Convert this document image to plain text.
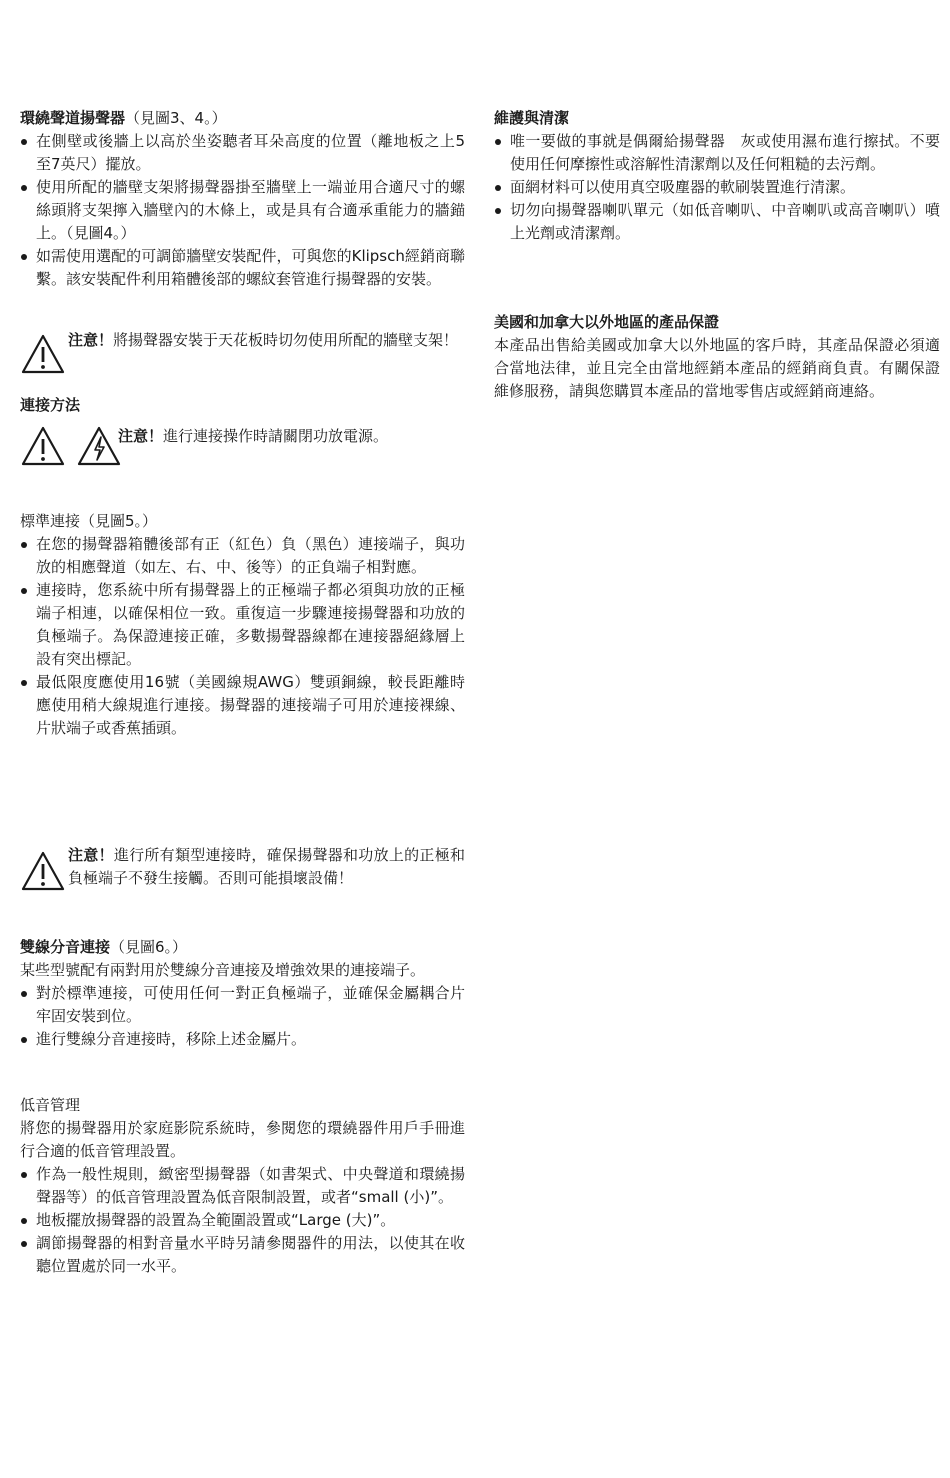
環繞聲道揚聲器（見圖3、4。）

在側壁或後牆上以高於坐姿聽者耳朵高度的位置（離地板之上5至7英尺）擺放。
使用所配的牆壁支架將揚聲器掛至牆壁上一端並用合適尺寸的螺絲頭將支架擰入牆壁內的木條上，或是具有合適承重能力的牆錨上。（見圖4。）
如需使用選配的可調節牆壁安裝配件，可與您的Klipsch經銷商聯繫。該安裝配件利用箱體後部的螺紋套管進行揚聲器的安裝。
注意！將揚聲器安裝于天花板時切勿使用所配的牆壁支架！

連接方法

注意！進行連接操作時請關閉功放電源。

標準連接（見圖5。）

在您的揚聲器箱體後部有正（紅色）負（黑色）連接端子，與功放的相應聲道（如左、右、中、後等）的正負端子相對應。
連接時，您系統中所有揚聲器上的正極端子都必須與功放的正極端子相連，以確保相位一致。重復這一步驟連接揚聲器和功放的負極端子。為保證連接正確，多數揚聲器線都在連接器絕緣層上設有突出標記。
最低限度應使用16號（美國線規AWG）雙頭銅線，較長距離時應使用稍大線規進行連接。揚聲器的連接端子可用於連接裸線、片狀端子或香蕉插頭。
注意！進行所有類型連接時，確保揚聲器和功放上的正極和負極端子不發生接觸。否則可能損壞設備！

雙線分音連接（見圖6。）

某些型號配有兩對用於雙線分音連接及增強效果的連接端子。

對於標準連接，可使用任何一對正負極端子，並確保金屬耦合片牢固安裝到位。
進行雙線分音連接時，移除上述金屬片。

低音管理

將您的揚聲器用於家庭影院系統時，參閱您的環繞器件用戶手冊進行合適的低音管理設置。

作為一般性規則，緻密型揚聲器（如書架式、中央聲道和環繞揚聲器等）的低音管理設置為低音限制設置，或者“small (小)”。
地板擺放揚聲器的設置為全範圍設置或“Large (大)”。
調節揚聲器的相對音量水平時另請參閱器件的用法，以使其在收聽位置處於同一水平。

維護與清潔

唯一要做的事就是偶爾給揚聲器　灰或使用濕布進行擦拭。不要使用任何摩擦性或溶解性清潔劑以及任何粗糙的去污劑。
面網材料可以使用真空吸塵器的軟刷裝置進行清潔。
切勿向揚聲器喇叭單元（如低音喇叭、中音喇叭或高音喇叭）噴上光劑或清潔劑。

美國和加拿大以外地區的產品保證

本產品出售給美國或加拿大以外地區的客戶時，其產品保證必須適合當地法律，並且完全由當地經銷本產品的經銷商負責。有關保證維修服務，請與您購買本產品的當地零售店或經銷商連絡。
